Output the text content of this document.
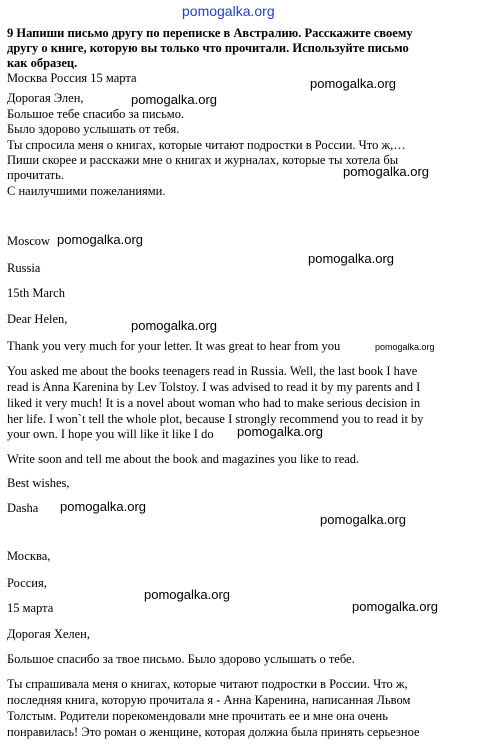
pomogalka.org

9 Напиши письмо другу по переписке в Австралию. Расскажите своему

другу о книге, которую вы только что прочитали. Используйте письмо

как образец.

Москва Россия 15 марта

Дорогая Элен,

Большое тебе спасибо за письмо.

Было здорово услышать от тебя.

Ты спросила меня о книгах, которые читают подростки в России. Что ж,…

Пиши скорее и расскажи мне о книгах и журналах, которые ты хотела бы

прочитать.

С наилучшими пожеланиями.

Moscow

Russia

15th March

Dear Helen,

Thank you very much for your letter. It was great to hear from you

You asked me about the books teenagers read in Russia. Well, the last book I have

read is Anna Karenina by Lev Tolstoy. I was advised to read it by my parents and I

liked it very much! It is a novel about woman who had to make serious decision in

her life. I won`t tell the whole plot, because I strongly recommend you to read it by

your own. I hope you will like it like I do

Write soon and tell me about the book and magazines you like to read.

Best wishes,

Dasha

Москва,

Россия,

15 марта

Дорогая Хелен,

Большое спасибо за твое письмо. Было здорово услышать о тебе.

Ты спрашивала меня о книгах, которые читают подростки в России. Что ж,

последняя книга, которую прочитала я - Анна Каренина, написанная Львом

Толстым. Родители порекомендовали мне прочитать ее и мне она очень

понравилась! Это роман о женщине, которая должна была принять серьезное

pomogalka.org
pomogalka.org
pomogalka.org
pomogalka.org
pomogalka.org
pomogalka.org
pomogalka.org
pomogalka.org
pomogalka.org
pomogalka.org
pomogalka.org
pomogalka.org
